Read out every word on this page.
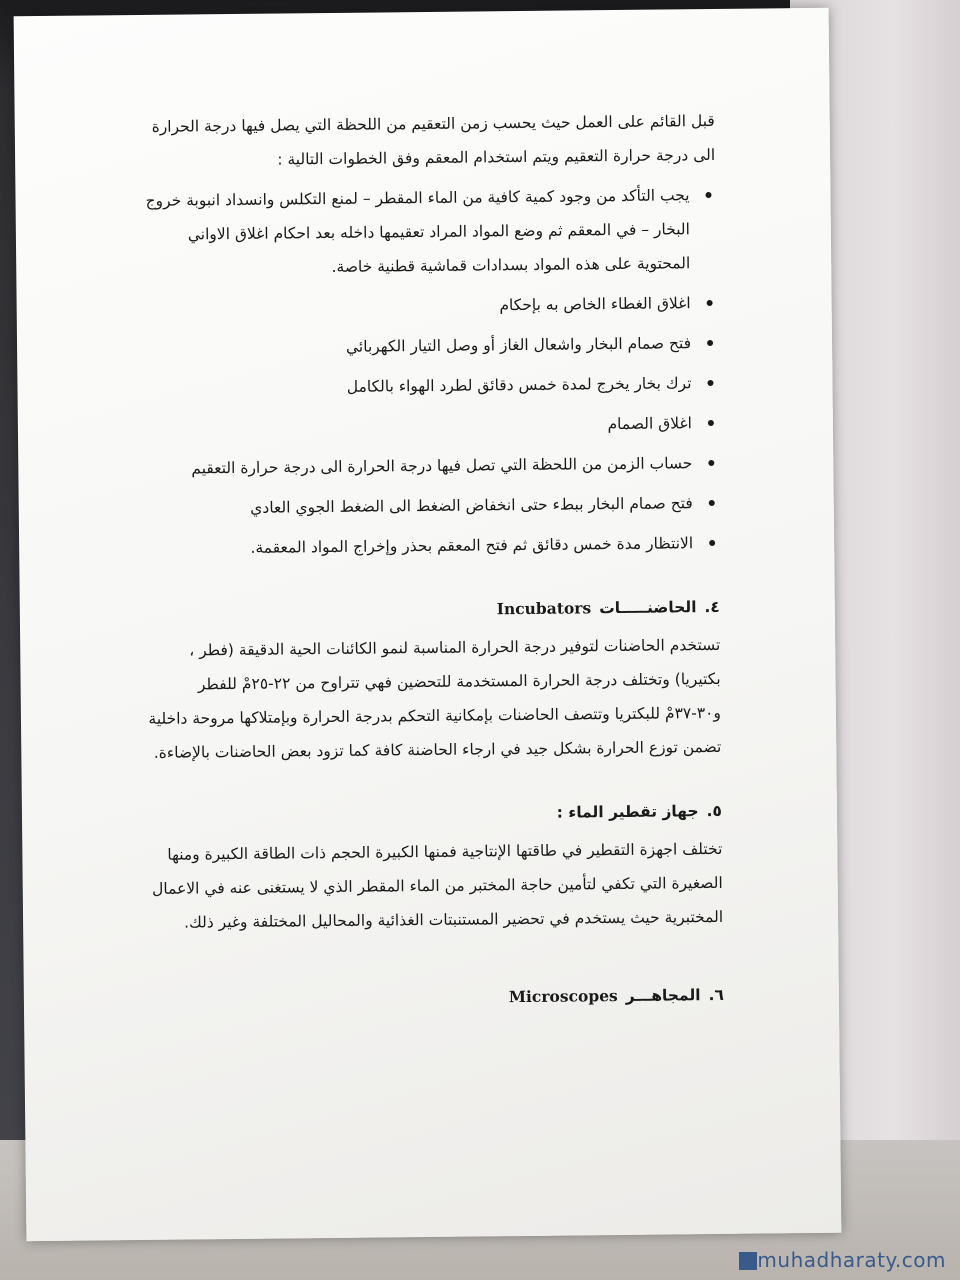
قبل القائم على العمل حيث يحسب زمن التعقيم من اللحظة التي يصل فيها درجة الحرارة

الى درجة حرارة التعقيم ويتم استخدام المعقم وفق الخطوات التالية :

يجب التأكد من وجود كمية كافية من الماء المقطر – لمنع التكلس وانسداد انبوبة خروج البخار – في المعقم ثم وضع المواد المراد تعقيمها داخله بعد احكام اغلاق الاواني المحتوية على هذه المواد بسدادات قماشية قطنية خاصة.
اغلاق الغطاء الخاص به بإحكام
فتح صمام البخار واشعال الغاز أو وصل التيار الكهربائي
ترك بخار يخرج لمدة خمس دقائق لطرد الهواء بالكامل
اغلاق الصمام
حساب الزمن من اللحظة التي تصل فيها درجة الحرارة الى درجة حرارة التعقيم
فتح صمام البخار ببطء حتى انخفاض الضغط الى الضغط الجوي العادي
الانتظار مدة خمس دقائق ثم فتح المعقم بحذر وإخراج المواد المعقمة.
٤.
الحاضنـــــات
Incubators

تستخدم الحاضنات لتوفير درجة الحرارة المناسبة لنمو الكائنات الحية الدقيقة (فطر ، بكتيريا) وتختلف درجة الحرارة المستخدمة للتحضين فهي تتراوح من ٢٢-٢٥مْ للفطر و٣٠-٣٧مْ للبكتريا وتتصف الحاضنات بإمكانية التحكم بدرجة الحرارة وبإمتلاكها مروحة داخلية تضمن توزع الحرارة بشكل جيد في ارجاء الحاضنة كافة كما تزود بعض الحاضنات بالإضاءة.

٥.
جهاز تقطير الماء :

تختلف اجهزة التقطير في طاقتها الإنتاجية فمنها الكبيرة الحجم ذات الطاقة الكبيرة ومنها الصغيرة التي تكفي لتأمين حاجة المختبر من الماء المقطر الذي لا يستغنى عنه في الاعمال المختبرية حيث يستخدم في تحضير المستنبتات الغذائية والمحاليل المختلفة وغير ذلك.

٦.
المجاهـــر
Microscopes
muhadharaty.com
